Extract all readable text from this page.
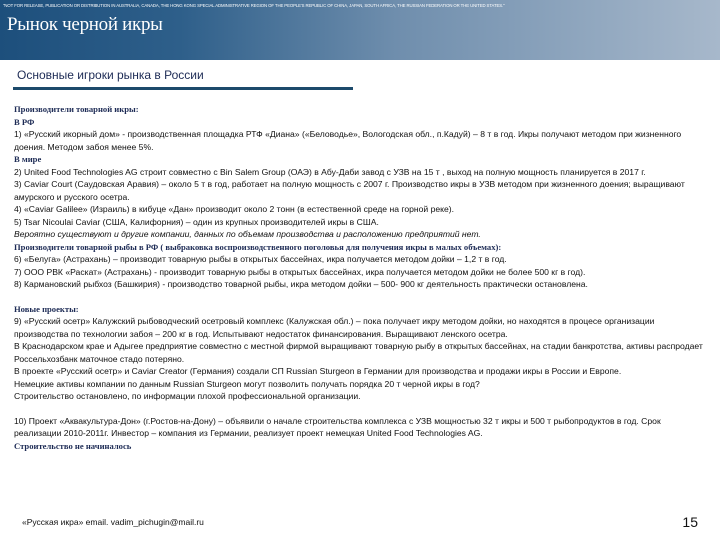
"NOT FOR RELEASE, PUBLICATION OR DISTRIBUTION IN AUSTRALIA, CANADA, THE HONG KONG SPECIAL ADMINISTRATIVE REGION OF THE PEOPLE'S REPUBLIC OF CHINA, JAPAN, SOUTH AFRICA, THE RUSSIAN FEDERATION OR THE UNITED STATES."
Рынок черной икры
Основные игроки рынка в России

Производители товарной икры:

В РФ

1) «Русский икорный дом» - производственная площадка РТФ «Диана» («Беловодье», Вологодская обл., п.Кадуй) – 8 т в год. Икры получают методом при жизненного доения. Методом забоя менее 5%.

В мире

2) United Food Technologies AG строит совместно с Bin Salem Group (ОАЭ) в Абу-Даби завод с УЗВ на 15 т , выход на полную мощность планируется в 2017 г.

3) Caviar Court (Саудовская Аравия) – около 5 т в год, работает на полную мощность с 2007 г. Производство икры в УЗВ методом при жизненного доения; выращивают амурского и русского осетра.

4) «Caviar Galilee» (Израиль) в кибуце «Дан» производит около 2 тонн (в естественной среде на горной реке).

5) Tsar Nicoulai Caviar (США, Калифорния) – один из крупных производителей икры в США.

Вероятно существуют и другие компании, данных по объемам производства и расположению предприятий нет.

Производители товарной рыбы в РФ ( выбраковка воспроизводственного поголовья для получения икры в малых объемах):

6) «Белуга» (Астрахань) – производит товарную рыбы в открытых бассейнах, икра получается методом дойки – 1,2 т в год.

7) ООО РВК «Раскат» (Астрахань) - производит товарную рыбы в открытых бассейнах, икра получается методом дойки не более 500 кг в год).

8) Кармановский рыбхоз (Башкирия) - производство товарной рыбы, икра методом дойки – 500- 900 кг деятельность практически остановлена.

Новые проекты:

9) «Русский осетр» Калужский рыбоводческий осетровый комплекс (Калужская обл.) – пока получает икру методом дойки, но находятся в процесе организации производства по технологии забоя – 200 кг в год. Испытывают недостаток финансирования. Выращивают ленского осетра.

В Краснодарском крае и Адыгее предприятие совместно с местной фирмой выращивают товарную рыбу в открытых бассейнах, на стадии банкротства, активы распродает Россельхозбанк маточное стадо потеряно.

В проекте «Русский осетр» и Caviar Creator (Германия) создали СП Russian Sturgeon в Германии для производства и продажи икры в России и Европе.

Немецкие активы компании по данным Russian Sturgeon могут позволить получать порядка 20 т черной икры в год?

Строительство остановлено, по информации плохой профессиональной организации.

10) Проект «Аквакультура-Дон» (г.Ростов-на-Дону) – объявили о начале строительства комплекса с УЗВ мощностью 32 т икры и 500 т рыбопродуктов в год. Срок реализации 2010-2011г. Инвестор – компания из Германии, реализует проект немецкая United Food Technologies AG.

Строительство не начиналось

«Русская икра» email. vadim_pichugin@mail.ru	15
